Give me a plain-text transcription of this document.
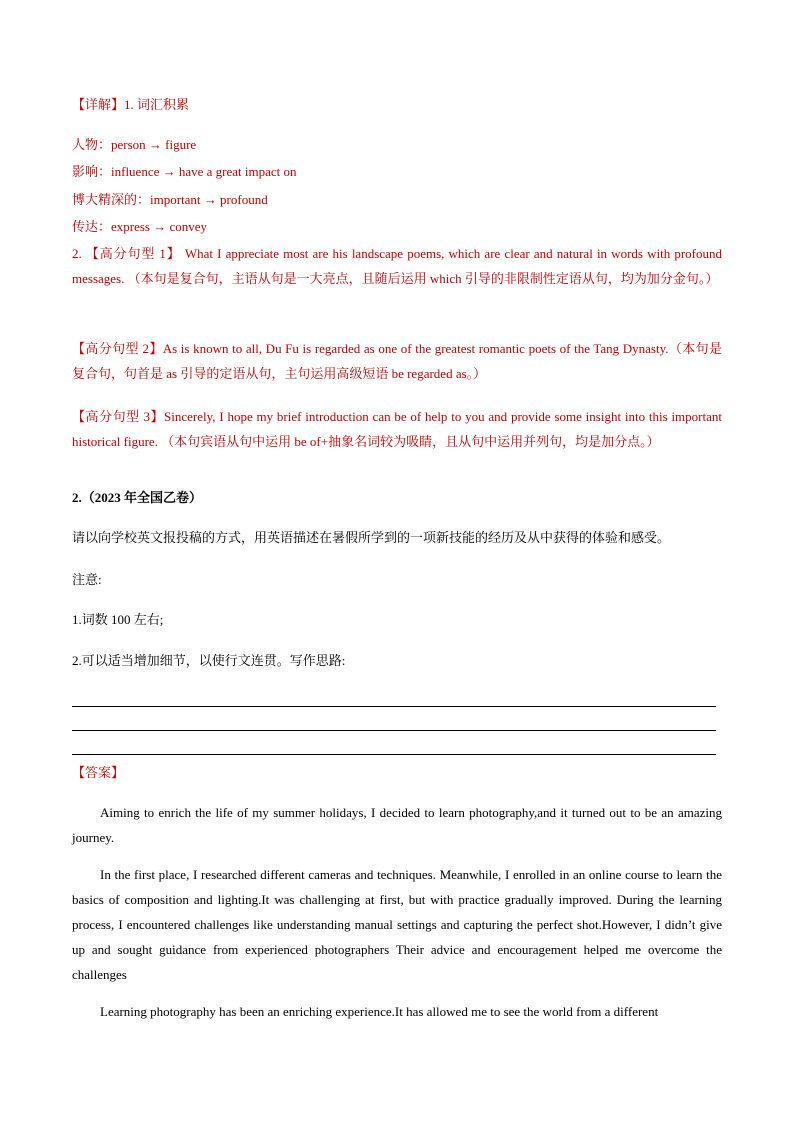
【详解】1. 词汇积累
人物：person → figure
影响：influence → have a great impact on
博大精深的：important → profound
传达：express → convey
2. 【高分句型 1】 What I appreciate most are his landscape poems, which are clear and natural in words with profound messages. （本句是复合句，主语从句是一大亮点，且随后运用 which 引导的非限制性定语从句，均为加分金句。）
【高分句型 2】As is known to all, Du Fu is regarded as one of the greatest romantic poets of the Tang Dynasty.（本句是复合句，句首是 as 引导的定语从句，主句运用高级短语 be regarded as。）
【高分句型 3】Sincerely, I hope my brief introduction can be of help to you and provide some insight into this important historical figure. （本句宾语从句中运用 be of+抽象名词较为吸睛，且从句中运用并列句，均是加分点。）
2.（2023 年全国乙卷）
请以向学校英文报投稿的方式，用英语描述在暑假所学到的一项新技能的经历及从中获得的体验和感受。
注意:
1.词数 100 左右;
2.可以适当增加细节，以使行文连贯。写作思路:
【答案】
Aiming to enrich the life of my summer holidays, I decided to learn photography,and it turned out to be an amazing journey.
In the first place, I researched different cameras and techniques. Meanwhile, I enrolled in an online course to learn the basics of composition and lighting.It was challenging at first, but with practice gradually improved. During the learning process, I encountered challenges like understanding manual settings and capturing the perfect shot.However, I didn’t give up and sought guidance from experienced photographers Their advice and encouragement helped me overcome the challenges
Learning photography has been an enriching experience.It has allowed me to see the world from a different
